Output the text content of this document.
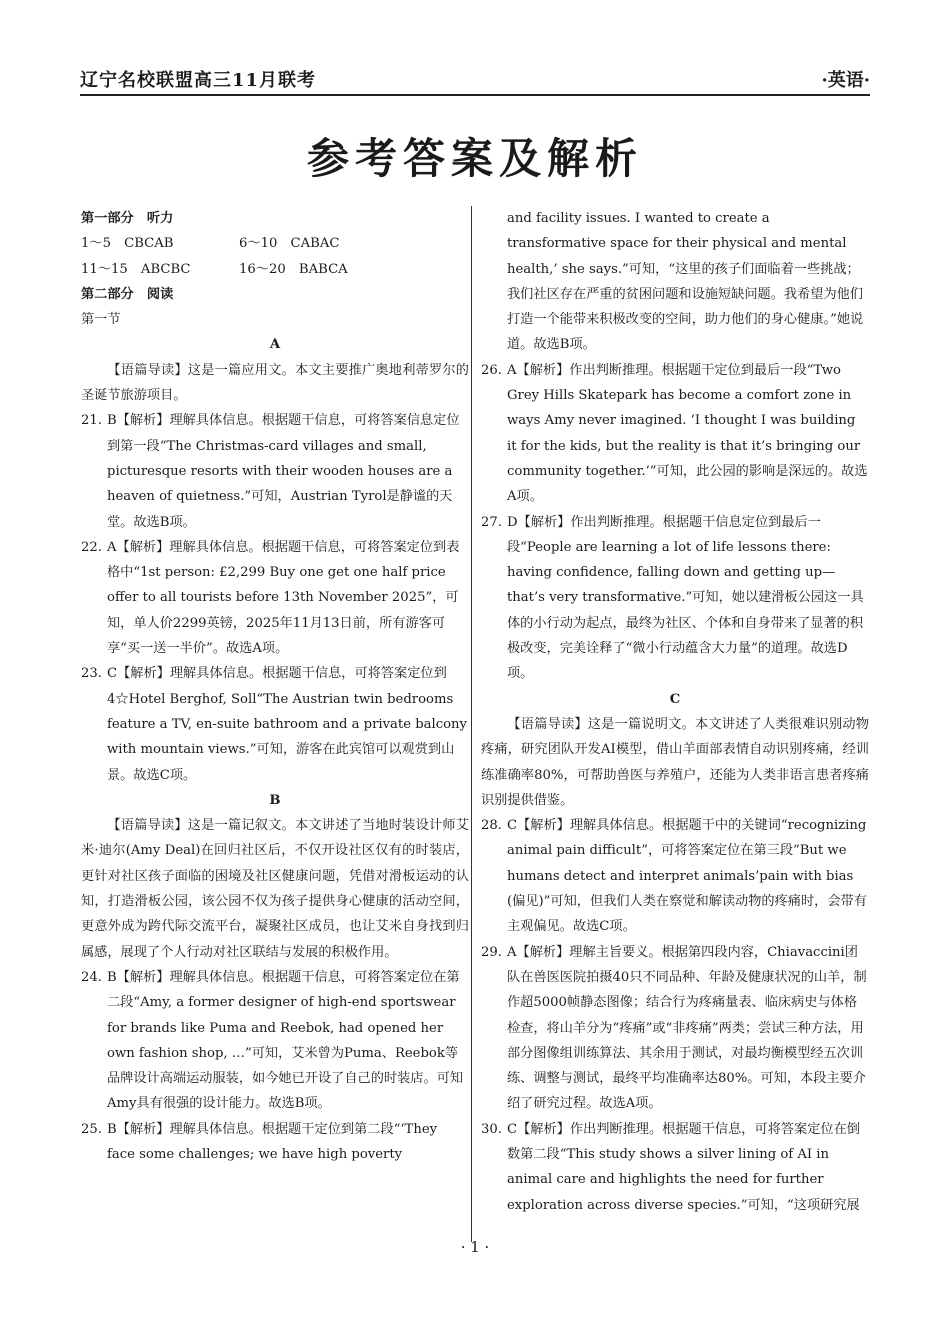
辽宁名校联盟高三11月联考	·英语·
参考答案及解析
第一部分　听力
1～5　CBCAB	6～10　CABAC
11～15　ABCBC	16～20　BABCA
第二部分　阅读
第一节
A
【语篇导读】这是一篇应用文。本文主要推广奥地利蒂罗尔的圣诞节旅游项目。
21. B【解析】理解具体信息。根据题干信息，可将答案信息定位到第一段“The Christmas-card villages and small, picturesque resorts with their wooden houses are a heaven of quietness.”可知，Austrian Tyrol是静谧的天堂。故选B项。
22. A【解析】理解具体信息。根据题干信息，可将答案定位到表格中“1st person: £2,299 Buy one get one half price offer to all tourists before 13th November 2025”，可知，单人价2299英镑，2025年11月13日前，所有游客可享“买一送一半价”。故选A项。
23. C【解析】理解具体信息。根据题干信息，可将答案定位到4☆Hotel Berghof, Soll“The Austrian twin bedrooms feature a TV, en-suite bathroom and a private balcony with mountain views.”可知，游客在此宾馆可以观赏到山景。故选C项。
B
【语篇导读】这是一篇记叙文。本文讲述了当地时装设计师艾米·迪尔(Amy Deal)在回归社区后，不仅开设社区仅有的时装店，更针对社区孩子面临的困境及社区健康问题，凭借对滑板运动的认知，打造滑板公园，该公园不仅为孩子提供身心健康的活动空间，更意外成为跨代际交流平台，凝聚社区成员，也让艾米自身找到归属感，展现了个人行动对社区联结与发展的积极作用。
24. B【解析】理解具体信息。根据题干信息，可将答案定位在第二段“Amy, a former designer of high-end sportswear for brands like Puma and Reebok, had opened her own fashion shop, …”可知，艾米曾为Puma、Reebok等品牌设计高端运动服装，如今她已开设了自己的时装店。可知Amy具有很强的设计能力。故选B项。
25. B【解析】理解具体信息。根据题干定位到第二段“‘They face some challenges; we have high poverty
and facility issues. I wanted to create a transformative space for their physical and mental health,’ she says.”可知，“这里的孩子们面临着一些挑战；我们社区存在严重的贫困问题和设施短缺问题。我希望为他们打造一个能带来积极改变的空间，助力他们的身心健康。”她说道。故选B项。
26. A【解析】作出判断推理。根据题干定位到最后一段“Two Grey Hills Skatepark has become a comfort zone in ways Amy never imagined. ‘I thought I was building it for the kids, but the reality is that it’s bringing our community together.’”可知，此公园的影响是深远的。故选A项。
27. D【解析】作出判断推理。根据题干信息定位到最后一段“People are learning a lot of life lessons there: having confidence, falling down and getting up—that’s very transformative.”可知，她以建滑板公园这一具体的小行动为起点，最终为社区、个体和自身带来了显著的积极改变，完美诠释了“微小行动蕴含大力量”的道理。故选D项。
C
【语篇导读】这是一篇说明文。本文讲述了人类很难识别动物疼痛，研究团队开发AI模型，借山羊面部表情自动识别疼痛，经训练准确率80%，可帮助兽医与养殖户，还能为人类非语言患者疼痛识别提供借鉴。
28. C【解析】理解具体信息。根据题干中的关键词“recognizing animal pain difficult”，可将答案定位在第三段“But we humans detect and interpret animals’pain with bias (偏见)”可知，但我们人类在察觉和解读动物的疼痛时，会带有主观偏见。故选C项。
29. A【解析】理解主旨要义。根据第四段内容，Chiavaccini团队在兽医医院拍摄40只不同品种、年龄及健康状况的山羊，制作超5000帧静态图像；结合行为疼痛量表、临床病史与体格检查，将山羊分为“疼痛”或“非疼痛”两类；尝试三种方法，用部分图像组训练算法、其余用于测试，对最均衡模型经五次训练、调整与测试，最终平均准确率达80%。可知，本段主要介绍了研究过程。故选A项。
30. C【解析】作出判断推理。根据题干信息，可将答案定位在倒数第二段“This study shows a silver lining of AI in animal care and highlights the need for further exploration across diverse species.”可知，“这项研究展
· 1 ·
